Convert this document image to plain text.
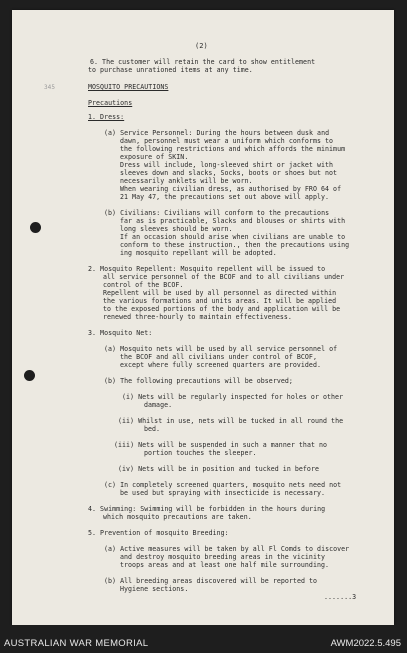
(2)
345
6. The customer will retain the card to show entitlement
to purchase unrationed items at any time.
MOSQUITO PRECAUTIONS
Precautions
1. Dress:
(a) Service Personnel: During the hours between dusk and
dawn, personnel must wear a uniform which conforms to
the following restrictions and which affords the minimum
exposure of SKIN.
Dress will include, long-sleeved shirt or jacket with
sleeves down and slacks, Socks, boots or shoes but not
necessarily anklets will be worn.
When wearing civilian dress, as authorised by FRO 64 of
21 May 47, the precautions set out above will apply.
(b) Civilians: Civilians will conform to the precautions
far as is practicable, Slacks and blouses or shirts with
long sleeves should be worn.
If an occasion should arise when civilians are unable to
conform to these instruction., then the precautions using
ing mosquito repellant will be adopted.
2. Mosquito Repellent: Mosquito repellent will be issued to
all service personnel of the BCOF and to all civilians under
control of the BCOF.
Repellent will be used by all personnel as directed within
the various formations and units areas. It will be applied
to the exposed portions of the body and application will be
renewed three-hourly to maintain effectiveness.
3. Mosquito Net:
(a) Mosquito nets will be used by all service personnel of
the BCOF and all civilians under control of BCOF,
except where fully screened quarters are provided.
(b) The following precautions will be observed;
(i) Nets will be regularly inspected for holes or other
damage.
(ii) Whilst in use, nets will be tucked in all round the
bed.
(iii) Nets will be suspended in such a manner that no
portion touches the sleeper.
(iv) Nets will be in position and tucked in before
(c) In completely screened quarters, mosquito nets need not
be used but spraying with insecticide is necessary.
4. Swimming: Swimming will be forbidden in the hours during
which mosquito precautions are taken.
5. Prevention of mosquito Breeding:
(a) Active measures will be taken by all Fl Comds to discover
and destroy mosquito breeding areas in the vicinity
troops areas and at least one half mile surrounding.
(b) All breeding areas discovered will be reported to
Hygiene sections.
.......3
AUSTRALIAN WAR MEMORIAL	AWM2022.5.495
